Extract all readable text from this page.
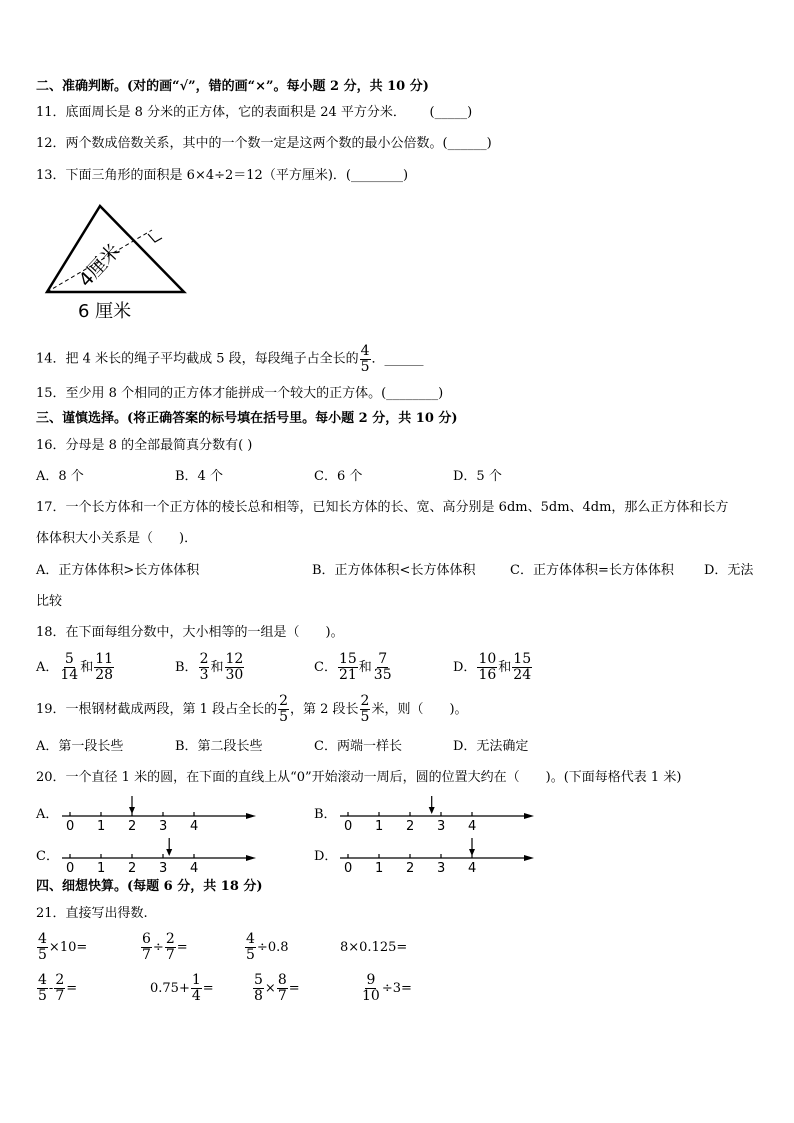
二、准确判断。(对的画“√”，错的画“×”。每小题 2 分，共 10 分)
11．底面周长是 8 分米的正方体，它的表面积是 24 平方分米．　　 (_____)
12．两个数成倍数关系，其中的一个数一定是这两个数的最小公倍数。(______)
13．下面三角形的面积是 6×4÷2＝12（平方厘米)．(________)
4厘米
6 厘米
14．把 4 米长的绳子平均截成 5 段，每段绳子占全长的 $\frac{4}{5}$ ．______
15．至少用 8 个相同的正方体才能拼成一个较大的正方体。(________)
三、谨慎选择。(将正确答案的标号填在括号里。每小题 2 分，共 10 分)
16．分母是 8 的全部最简真分数有( )
A．8 个	B．4 个	C．6 个	D．5 个
17．一个长方体和一个正方体的棱长总和相等，已知长方体的长、宽、高分别是 6dm、5dm、4dm，那么正方体和长方
体体积大小关系是（　　)．
A．正方体体积>长方体体积	B．正方体体积<长方体体积	C．正方体体积=长方体体积 D．无法
比较
18．在下面每组分数中，大小相等的一组是（　　)。
A． $\frac{5}{14}$ 和 $\frac{11}{28}$	B． $\frac{2}{3}$ 和 $\frac{12}{30}$	C． $\frac{15}{21}$ 和 $\frac{7}{35}$	D． $\frac{10}{16}$ 和 $\frac{15}{24}$
19．一根钢材截成两段，第 1 段占全长的 $\frac{2}{5}$ ，第 2 段长 $\frac{2}{5}$ 米，则（　　)。
A．第一段长些	B．第二段长些	C．两端一样长	D．无法确定
20．一个直径 1 米的圆，在下面的直线上从“0”开始滚动一周后，圆的位置大约在（　　)。(下面每格代表 1 米)
A．
0 1 2 3 4
B．
0 1 2 3 4
C．
0 1 2 3 4
D．
0 1 2 3 4
四、细想快算。(每题 6 分，共 18 分)
21．直接写出得数.
$\frac{4}{5} \times 10=$	$\frac{6}{7} \div \frac{2}{7}$ =	$\frac{4}{5} \div 0.8$	8×0.125=
$\frac{4}{5} - \frac{2}{7}$ =	$0.75+ \frac{1}{4}$ =	$\frac{5}{8} \times \frac{8}{7}$ =	$\frac{9}{10} \div 3=$
